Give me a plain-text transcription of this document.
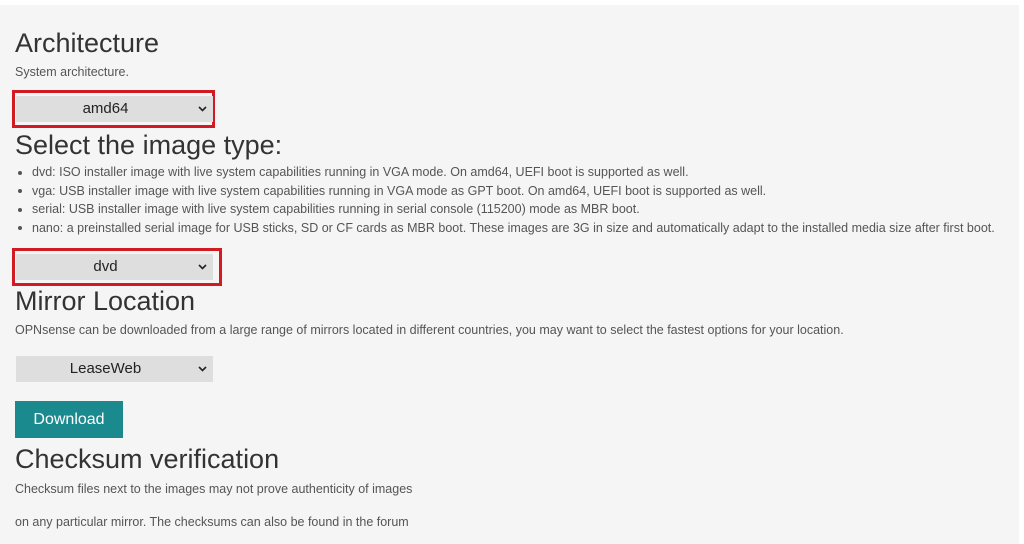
Architecture

System architecture.

amd64
Select the image type:
dvd: ISO installer image with live system capabilities running in VGA mode. On amd64, UEFI boot is supported as well.
vga: USB installer image with live system capabilities running in VGA mode as GPT boot. On amd64, UEFI boot is supported as well.
serial: USB installer image with live system capabilities running in serial console (115200) mode as MBR boot.
nano: a preinstalled serial image for USB sticks, SD or CF cards as MBR boot. These images are 3G in size and automatically adapt to the installed media size after first boot.
dvd
Mirror Location

OPNsense can be downloaded from a large range of mirrors located in different countries, you may want to select the fastest options for your location.

LeaseWeb
Download
Checksum verification

Checksum files next to the images may not prove authenticity of images

on any particular mirror. The checksums can also be found in the forum
